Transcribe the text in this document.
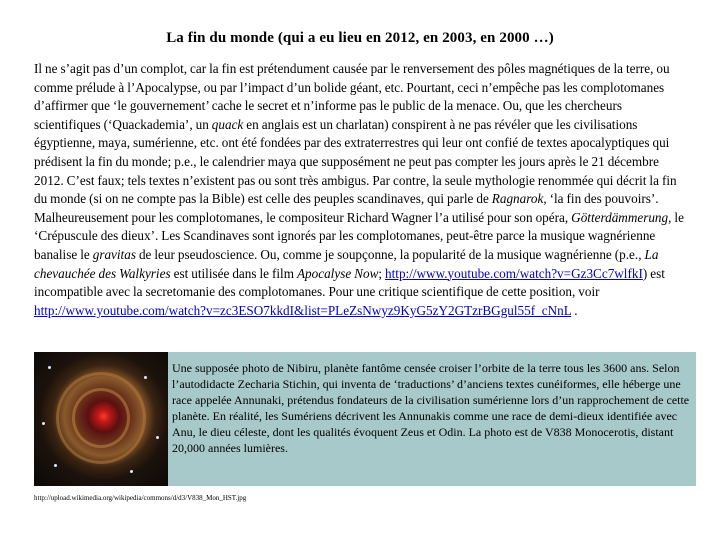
La fin du monde (qui a eu lieu en 2012, en 2003, en 2000 …)
Il ne s’agit pas d’un complot, car la fin est prétendument causée par le renversement des pôles magnétiques de la terre, ou comme prélude à l’Apocalypse, ou par l’impact d’un bolide géant, etc. Pourtant, ceci n’empêche pas les complotomanes d’affirmer que ‘le gouvernement’ cache le secret et n’informe pas le public de la menace. Ou, que les chercheurs scientifiques (‘Quackademia’, un quack en anglais est un charlatan) conspirent à ne pas révéler que les civilisations égyptienne, maya, sumérienne, etc. ont été fondées par des extraterrestres qui leur ont confié de textes apocalyptiques qui prédisent la fin du monde; p.e., le calendrier maya que supposément ne peut pas compter les jours après le 21 décembre 2012. C’est faux; tels textes n’existent pas ou sont très ambigus. Par contre, la seule mythologie renommée qui décrit la fin du monde (si on ne compte pas la Bible) est celle des peuples scandinaves, qui parle de Ragnarok, ‘la fin des pouvoirs’. Malheureusement pour les complotomanes, le compositeur Richard Wagner l’a utilisé pour son opéra, Götterdämmerung, le ‘Crépuscule des dieux’. Les Scandinaves sont ignorés par les complotomanes, peut-être parce la musique wagnérienne banalise le gravitas de leur pseudoscience. Ou, comme je soupçonne, la popularité de la musique wagnérienne (p.e., La chevauchée des Walkyries est utilisée dans le film Apocalyse Now; http://www.youtube.com/watch?v=Gz3Cc7wlfkI) est incompatible avec la secretomanie des complotomanes. Pour une critique scientifique de cette position, voir http://www.youtube.com/watch?v=zc3ESO7kkdI&list=PLeZsNwyz9KyG5zY2GTzrBGgul55f_cNnL .
Une supposée photo de Nibiru, planète fantôme censée croiser l’orbite de la terre tous les 3600 ans. Selon l’autodidacte Zecharia Stichin, qui inventa de ‘traductions’ d’anciens textes cunéiformes, elle héberge une race appelée Annunaki, prétendus fondateurs de la civilisation sumérienne lors d’un rapprochement de cette planète. En réalité, les Sumériens décrivent les Annunakis comme une race de demi-dieux identifiée avec Anu, le dieu céleste, dont les qualités évoquent Zeus et Odin. La photo est de V838 Monocerotis, distant 20,000 années lumières.
http://upload.wikimedia.org/wikipedia/commons/d/d3/V838_Mon_HST.jpg
